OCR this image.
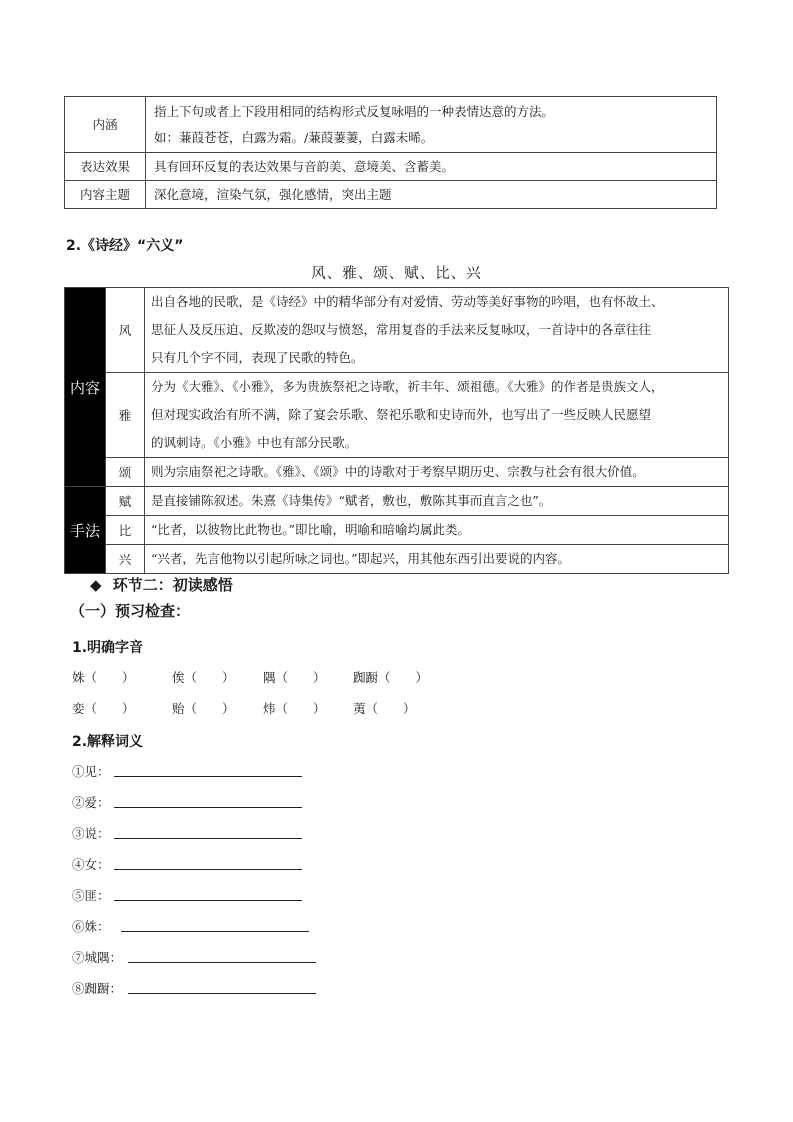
内涵	指上下句或者上下段用相同的结构形式反复咏唱的一种表情达意的方法。
如：蒹葭苍苍，白露为霜。/蒹葭萋萋，白露未晞。

表达效果	具有回环反复的表达效果与音韵美、意境美、含蓄美。

内容主题	深化意境，渲染气氛，强化感情，突出主题
2.《诗经》“六义”
风、雅、颂、赋、比、兴
内容	风	出自各地的民歌，是《诗经》中的精华部分有对爱情、劳动等美好事物的吟唱，也有怀故土、
思征人及反压迫、反欺凌的怨叹与愤怒，常用复沓的手法来反复咏叹，一首诗中的各章往往
只有几个字不同，表现了民歌的特色。

	雅	分为《大雅》、《小雅》，多为贵族祭祀之诗歌，祈丰年、颂祖德。《大雅》的作者是贵族文人，
但对现实政治有所不满，除了宴会乐歌、祭祀乐歌和史诗而外，也写出了一些反映人民愿望
的讽刺诗。《小雅》中也有部分民歌。

	颂	则为宗庙祭祀之诗歌。《雅》、《颂》中的诗歌对于考察早期历史、宗教与社会有很大价值。

手法	赋	是直接铺陈叙述。朱熹《诗集传》“赋者，敷也，敷陈其事而直言之也”。

	比	“比者，以彼物比此物也。”即比喻，明喻和暗喻均属此类。

	兴	“兴者，先言他物以引起所咏之词也。”即起兴，用其他东西引出要说的内容。
◆ 环节二：初读感悟
（一）预习检查：
1.明确字音
姝（　　）	俟（　　） 隅（　　） 踟蹰（　　）
娈（　　）	贻（　　） 炜（　　） 荑（　　）
2.解释词义
①见：
②爱：
③说：
④女：
⑤匪：
⑥姝：
⑦城隅：
⑧踟蹰：
